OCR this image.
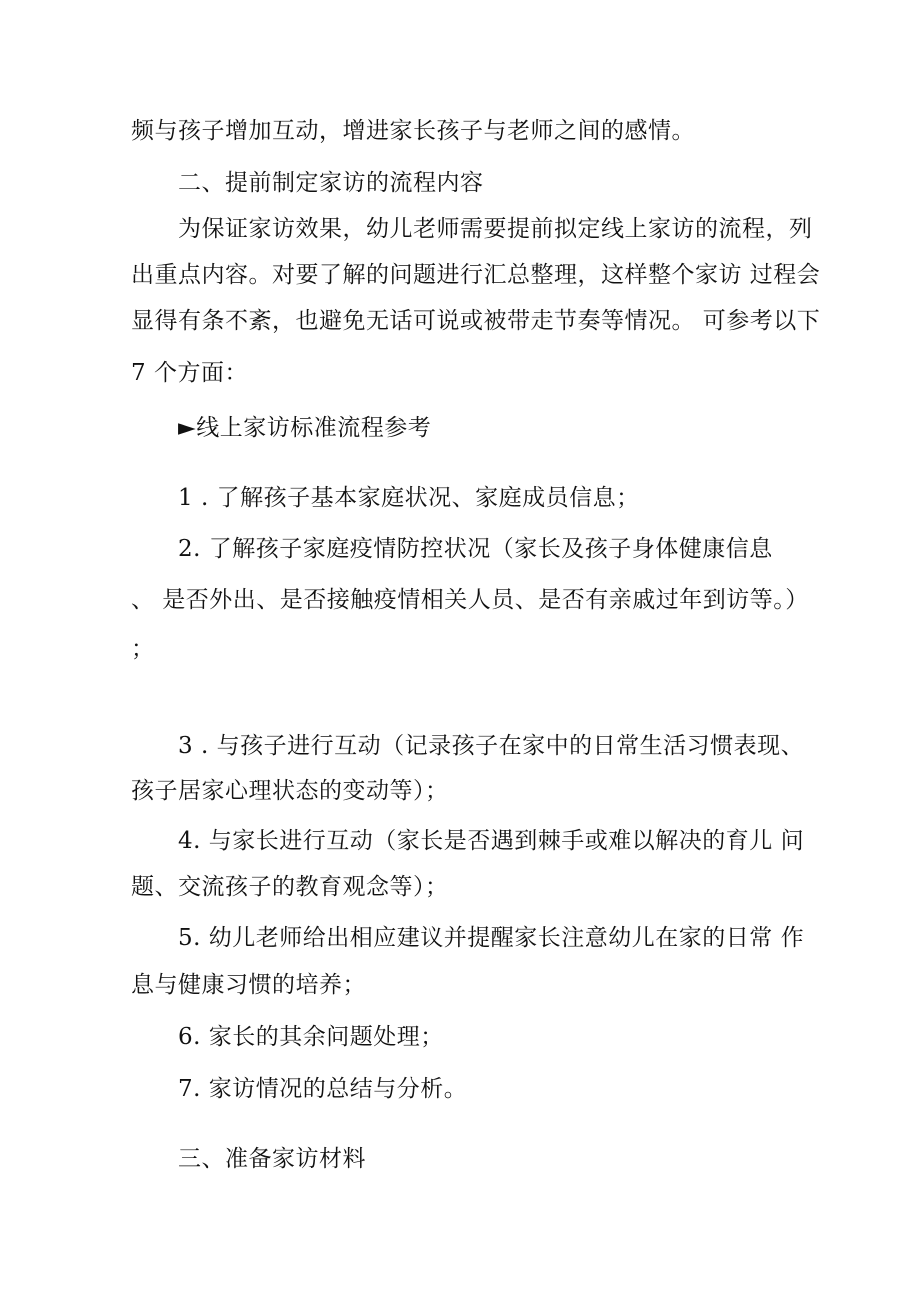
频与孩子增加互动，增进家长孩子与老师之间的感情。

二、提前制定家访的流程内容

为保证家访效果，幼儿老师需要提前拟定线上家访的流程，列

出重点内容。对要了解的问题进行汇总整理，这样整个家访 过程会

显得有条不紊，也避免无话可说或被带走节奏等情况。 可参考以下

7 个方面：

►线上家访标准流程参考

1 . 了解孩子基本家庭状况、家庭成员信息；

2. 了解孩子家庭疫情防控状况（家长及孩子身体健康信息

、 是否外出、是否接触疫情相关人员、是否有亲戚过年到访等。）

；

3 . 与孩子进行互动（记录孩子在家中的日常生活习惯表现、

孩子居家心理状态的变动等）；

4. 与家长进行互动（家长是否遇到棘手或难以解决的育儿 问

题、交流孩子的教育观念等）；

5. 幼儿老师给出相应建议并提醒家长注意幼儿在家的日常 作

息与健康习惯的培养；

6. 家长的其余问题处理；

7. 家访情况的总结与分析。

三、准备家访材料
